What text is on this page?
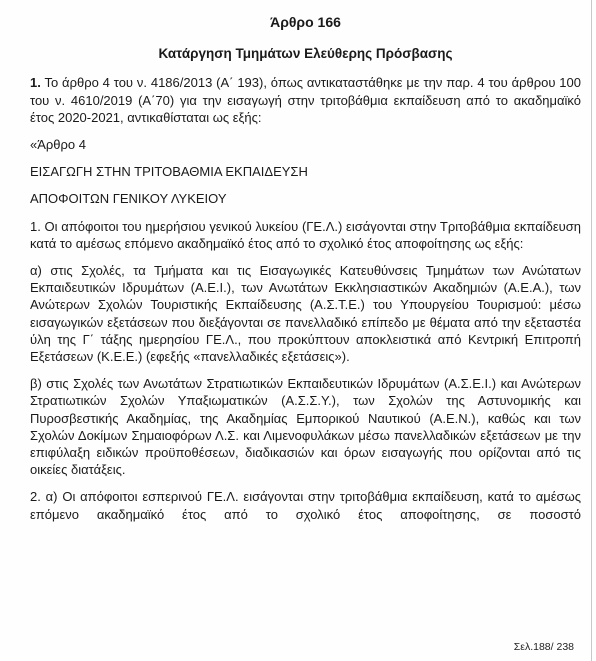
Άρθρο 166
Κατάργηση Τμημάτων Ελεύθερης Πρόσβασης

1. Το άρθρο 4 του ν. 4186/2013 (Α΄ 193), όπως αντικαταστάθηκε με την παρ. 4 του άρθρου 100 του ν. 4610/2019 (Α΄70) για την εισαγωγή στην τριτοβάθμια εκπαίδευση από το ακαδημαϊκό έτος 2020-2021, αντικαθίσταται ως εξής:

«Άρθρο 4

ΕΙΣΑΓΩΓΗ ΣΤΗΝ ΤΡΙΤΟΒΑΘΜΙΑ ΕΚΠΑΙΔΕΥΣΗ

ΑΠΟΦΟΙΤΩΝ ΓΕΝΙΚΟΥ ΛΥΚΕΙΟΥ

1. Οι απόφοιτοι του ημερήσιου γενικού λυκείου (ΓΕ.Λ.) εισάγονται στην Τριτοβάθμια εκπαίδευση κατά το αμέσως επόμενο ακαδημαϊκό έτος από το σχολικό έτος αποφοίτησης ως εξής:

α) στις Σχολές, τα Τμήματα και τις Εισαγωγικές Κατευθύνσεις Τμημάτων των Ανώτατων Εκπαιδευτικών Ιδρυμάτων (Α.Ε.Ι.), των Ανωτάτων Εκκλησιαστικών Ακαδημιών (Α.Ε.Α.), των Ανώτερων Σχολών Τουριστικής Εκπαίδευσης (Α.Σ.Τ.Ε.) του Υπουργείου Τουρισμού: μέσω εισαγωγικών εξετάσεων που διεξάγονται σε πανελλαδικό επίπεδο με θέματα από την εξεταστέα ύλη της Γ΄ τάξης ημερησίου ΓΕ.Λ., που προκύπτουν αποκλειστικά από Κεντρική Επιτροπή Εξετάσεων (Κ.Ε.Ε.) (εφεξής «πανελλαδικές εξετάσεις»).

β) στις Σχολές των Ανωτάτων Στρατιωτικών Εκπαιδευτικών Ιδρυμάτων (Α.Σ.Ε.Ι.) και Ανώτερων Στρατιωτικών Σχολών Υπαξιωματικών (Α.Σ.Σ.Υ.), των Σχολών της Αστυνομικής και Πυροσβεστικής Ακαδημίας, της Ακαδημίας Εμπορικού Ναυτικού (Α.Ε.Ν.), καθώς και των Σχολών Δοκίμων Σημαιοφόρων Λ.Σ. και Λιμενοφυλάκων μέσω πανελλαδικών εξετάσεων με την επιφύλαξη ειδικών προϋποθέσεων, διαδικασιών και όρων εισαγωγής που ορίζονται από τις οικείες διατάξεις.

2. α) Οι απόφοιτοι εσπερινού ΓΕ.Λ. εισάγονται στην τριτοβάθμια εκπαίδευση, κατά το αμέσως επόμενο ακαδημαϊκό έτος από το σχολικό έτος αποφοίτησης, σε ποσοστό

Σελ.188/ 238
